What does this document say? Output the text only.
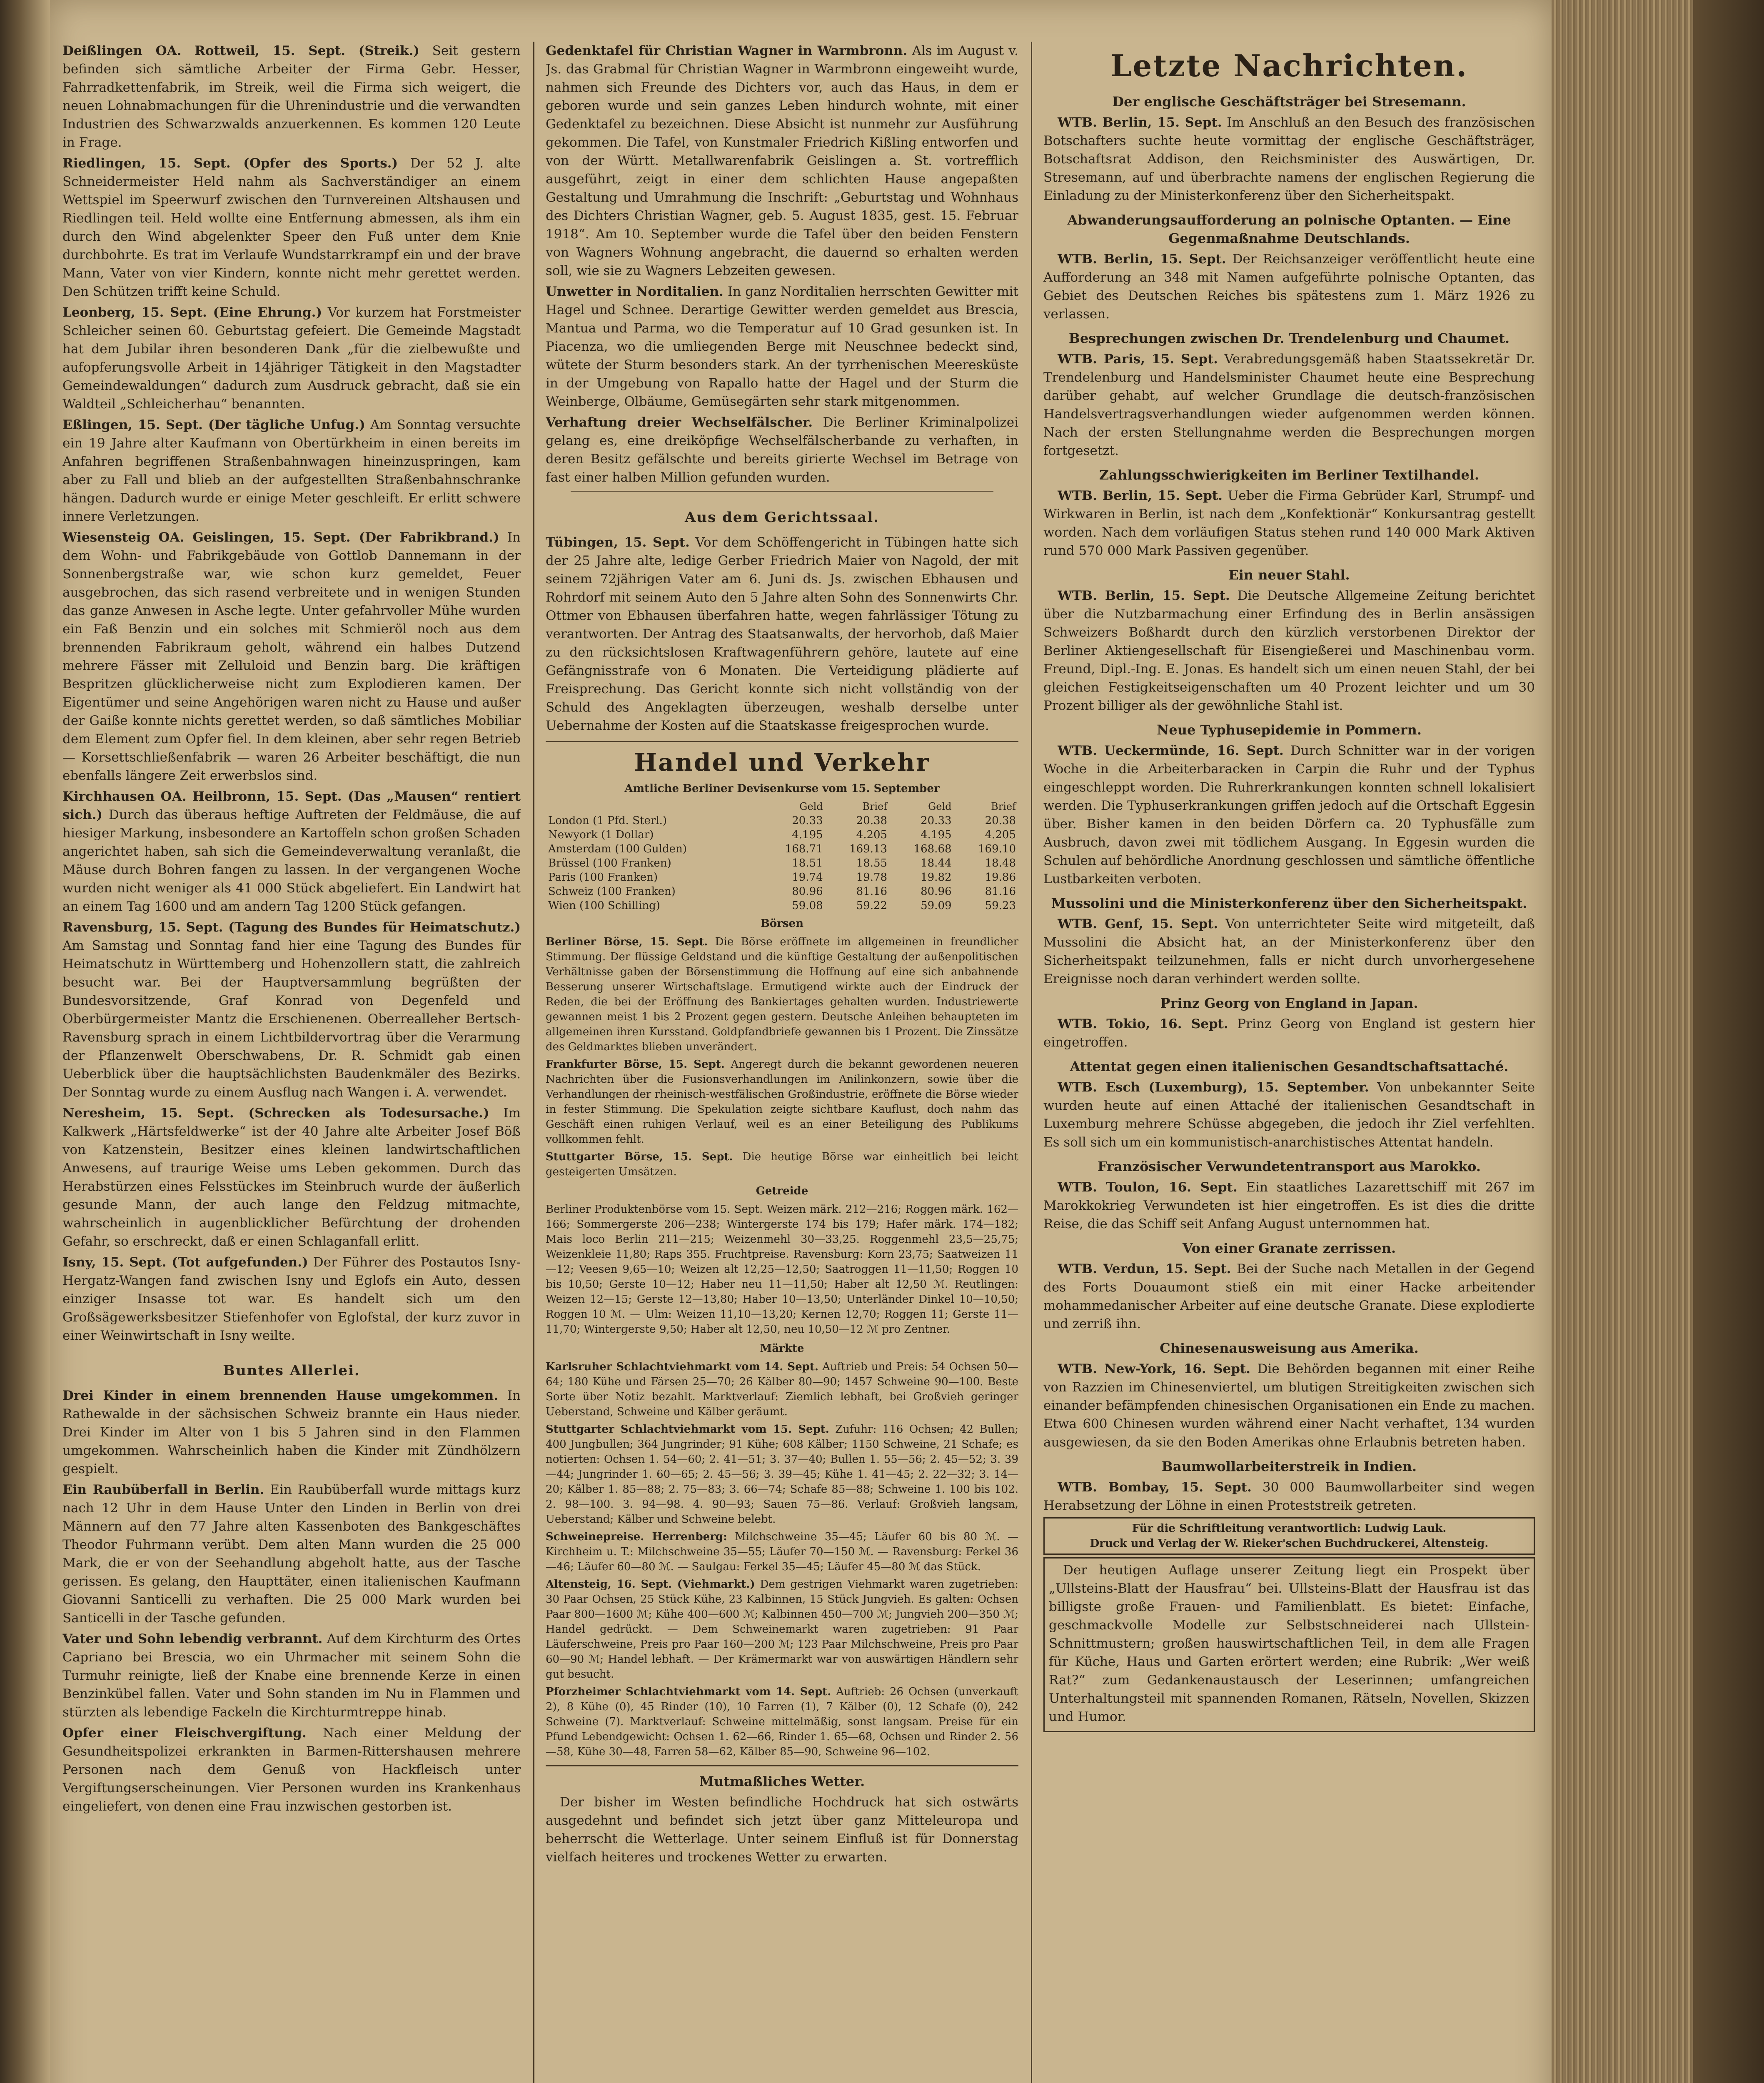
Deißlingen OA. Rottweil, 15. Sept. (Streik.) Seit gestern befinden sich sämtliche Arbeiter der Firma Gebr. Hesser, Fahrradkettenfabrik, im Streik, weil die Firma sich weigert, die neuen Lohnabmachungen für die Uhrenindustrie und die verwandten Industrien des Schwarzwalds anzuerkennen. Es kommen 120 Leute in Frage.

Riedlingen, 15. Sept. (Opfer des Sports.) Der 52 J. alte Schneidermeister Held nahm als Sachverständiger an einem Wettspiel im Speerwurf zwischen den Turnvereinen Altshausen und Riedlingen teil. Held wollte eine Entfernung abmessen, als ihm ein durch den Wind abgelenkter Speer den Fuß unter dem Knie durchbohrte. Es trat im Verlaufe Wundstarrkrampf ein und der brave Mann, Vater von vier Kindern, konnte nicht mehr gerettet werden. Den Schützen trifft keine Schuld.

Leonberg, 15. Sept. (Eine Ehrung.) Vor kurzem hat Forstmeister Schleicher seinen 60. Geburtstag gefeiert. Die Gemeinde Magstadt hat dem Jubilar ihren besonderen Dank „für die zielbewußte und aufopferungsvolle Arbeit in 14jähriger Tätigkeit in den Magstadter Gemeindewaldungen“ dadurch zum Ausdruck gebracht, daß sie ein Waldteil „Schleicherhau“ benannten.

Eßlingen, 15. Sept. (Der tägliche Unfug.) Am Sonntag versuchte ein 19 Jahre alter Kaufmann von Obertürkheim in einen bereits im Anfahren begriffenen Straßenbahnwagen hineinzuspringen, kam aber zu Fall und blieb an der aufgestellten Straßenbahnschranke hängen. Dadurch wurde er einige Meter geschleift. Er erlitt schwere innere Verletzungen.

Wiesensteig OA. Geislingen, 15. Sept. (Der Fabrikbrand.) In dem Wohn- und Fabrikgebäude von Gottlob Dannemann in der Sonnenbergstraße war, wie schon kurz gemeldet, Feuer ausgebrochen, das sich rasend verbreitete und in wenigen Stunden das ganze Anwesen in Asche legte. Unter gefahrvoller Mühe wurden ein Faß Benzin und ein solches mit Schmieröl noch aus dem brennenden Fabrikraum geholt, während ein halbes Dutzend mehrere Fässer mit Zelluloid und Benzin barg. Die kräftigen Bespritzen glücklicherweise nicht zum Explodieren kamen. Der Eigentümer und seine Angehörigen waren nicht zu Hause und außer der Gaiße konnte nichts gerettet werden, so daß sämtliches Mobiliar dem Element zum Opfer fiel. In dem kleinen, aber sehr regen Betrieb — Korsettschließenfabrik — waren 26 Arbeiter beschäftigt, die nun ebenfalls längere Zeit erwerbslos sind.

Kirchhausen OA. Heilbronn, 15. Sept. (Das „Mausen“ rentiert sich.) Durch das überaus heftige Auftreten der Feldmäuse, die auf hiesiger Markung, insbesondere an Kartoffeln schon großen Schaden angerichtet haben, sah sich die Gemeindeverwaltung veranlaßt, die Mäuse durch Bohren fangen zu lassen. In der vergangenen Woche wurden nicht weniger als 41 000 Stück abgeliefert. Ein Landwirt hat an einem Tag 1600 und am andern Tag 1200 Stück gefangen.

Ravensburg, 15. Sept. (Tagung des Bundes für Heimatschutz.) Am Samstag und Sonntag fand hier eine Tagung des Bundes für Heimatschutz in Württemberg und Hohenzollern statt, die zahlreich besucht war. Bei der Hauptversammlung begrüßten der Bundesvorsitzende, Graf Konrad von Degenfeld und Oberbürgermeister Mantz die Erschienenen. Oberrealleher Bertsch-Ravensburg sprach in einem Lichtbildervortrag über die Verarmung der Pflanzenwelt Oberschwabens, Dr. R. Schmidt gab einen Ueberblick über die hauptsächlichsten Baudenkmäler des Bezirks. Der Sonntag wurde zu einem Ausflug nach Wangen i. A. verwendet.

Neresheim, 15. Sept. (Schrecken als Todesursache.) Im Kalkwerk „Härtsfeldwerke“ ist der 40 Jahre alte Arbeiter Josef Böß von Katzenstein, Besitzer eines kleinen landwirtschaftlichen Anwesens, auf traurige Weise ums Leben gekommen. Durch das Herabstürzen eines Felsstückes im Steinbruch wurde der äußerlich gesunde Mann, der auch lange den Feldzug mitmachte, wahrscheinlich in augenblicklicher Befürchtung der drohenden Gefahr, so erschreckt, daß er einen Schlaganfall erlitt.

Isny, 15. Sept. (Tot aufgefunden.) Der Führer des Postautos Isny-Hergatz-Wangen fand zwischen Isny und Eglofs ein Auto, dessen einziger Insasse tot war. Es handelt sich um den Großsägewerksbesitzer Stiefenhofer von Eglofstal, der kurz zuvor in einer Weinwirtschaft in Isny weilte.

Buntes Allerlei.

Drei Kinder in einem brennenden Hause umgekommen. In Rathewalde in der sächsischen Schweiz brannte ein Haus nieder. Drei Kinder im Alter von 1 bis 5 Jahren sind in den Flammen umgekommen. Wahrscheinlich haben die Kinder mit Zündhölzern gespielt.

Ein Raubüberfall in Berlin. Ein Raubüberfall wurde mittags kurz nach 12 Uhr in dem Hause Unter den Linden in Berlin von drei Männern auf den 77 Jahre alten Kassenboten des Bankgeschäftes Theodor Fuhrmann verübt. Dem alten Mann wurden die 25 000 Mark, die er von der Seehandlung abgeholt hatte, aus der Tasche gerissen. Es gelang, den Haupttäter, einen italienischen Kaufmann Giovanni Santicelli zu verhaften. Die 25 000 Mark wurden bei Santicelli in der Tasche gefunden.

Vater und Sohn lebendig verbrannt. Auf dem Kirchturm des Ortes Capriano bei Brescia, wo ein Uhrmacher mit seinem Sohn die Turmuhr reinigte, ließ der Knabe eine brennende Kerze in einen Benzinkübel fallen. Vater und Sohn standen im Nu in Flammen und stürzten als lebendige Fackeln die Kirchturmtreppe hinab.

Opfer einer Fleischvergiftung. Nach einer Meldung der Gesundheitspolizei erkrankten in Barmen-Rittershausen mehrere Personen nach dem Genuß von Hackfleisch unter Vergiftungserscheinungen. Vier Personen wurden ins Krankenhaus eingeliefert, von denen eine Frau inzwischen gestorben ist.

Gedenktafel für Christian Wagner in Warmbronn. Als im August v. Js. das Grabmal für Christian Wagner in Warmbronn eingeweiht wurde, nahmen sich Freunde des Dichters vor, auch das Haus, in dem er geboren wurde und sein ganzes Leben hindurch wohnte, mit einer Gedenktafel zu bezeichnen. Diese Absicht ist nunmehr zur Ausführung gekommen. Die Tafel, von Kunstmaler Friedrich Kißling entworfen und von der Württ. Metallwarenfabrik Geislingen a. St. vortrefflich ausgeführt, zeigt in einer dem schlichten Hause angepaßten Gestaltung und Umrahmung die Inschrift: „Geburtstag und Wohnhaus des Dichters Christian Wagner, geb. 5. August 1835, gest. 15. Februar 1918“. Am 10. September wurde die Tafel über den beiden Fenstern von Wagners Wohnung angebracht, die dauernd so erhalten werden soll, wie sie zu Wagners Lebzeiten gewesen.

Unwetter in Norditalien. In ganz Norditalien herrschten Gewitter mit Hagel und Schnee. Derartige Gewitter werden gemeldet aus Brescia, Mantua und Parma, wo die Temperatur auf 10 Grad gesunken ist. In Piacenza, wo die umliegenden Berge mit Neuschnee bedeckt sind, wütete der Sturm besonders stark. An der tyrrhenischen Meeresküste in der Umgebung von Rapallo hatte der Hagel und der Sturm die Weinberge, Olbäume, Gemüsegärten sehr stark mitgenommen.

Verhaftung dreier Wechselfälscher. Die Berliner Kriminalpolizei gelang es, eine dreiköpfige Wechselfälscherbande zu verhaften, in deren Besitz gefälschte und bereits girierte Wechsel im Betrage von fast einer halben Million gefunden wurden.

Aus dem Gerichtssaal.

Tübingen, 15. Sept. Vor dem Schöffengericht in Tübingen hatte sich der 25 Jahre alte, ledige Gerber Friedrich Maier von Nagold, der mit seinem 72jährigen Vater am 6. Juni ds. Js. zwischen Ebhausen und Rohrdorf mit seinem Auto den 5 Jahre alten Sohn des Sonnenwirts Chr. Ottmer von Ebhausen überfahren hatte, wegen fahrlässiger Tötung zu verantworten. Der Antrag des Staatsanwalts, der hervorhob, daß Maier zu den rücksichtslosen Kraftwagenführern gehöre, lautete auf eine Gefängnisstrafe von 6 Monaten. Die Verteidigung plädierte auf Freisprechung. Das Gericht konnte sich nicht vollständig von der Schuld des Angeklagten überzeugen, weshalb derselbe unter Uebernahme der Kosten auf die Staatskasse freigesprochen wurde.

Handel und Verkehr
Amtliche Berliner Devisenkurse vom 15. September
	Geld	Brief	Geld	Brief
London (1 Pfd. Sterl.)	20.33	20.38	20.33	20.38
Newyork (1 Dollar)	4.195	4.205	4.195	4.205
Amsterdam (100 Gulden)	168.71	169.13	168.68	169.10
Brüssel (100 Franken)	18.51	18.55	18.44	18.48
Paris (100 Franken)	19.74	19.78	19.82	19.86
Schweiz (100 Franken)	80.96	81.16	80.96	81.16
Wien (100 Schilling)	59.08	59.22	59.09	59.23
Börsen

Berliner Börse, 15. Sept. Die Börse eröffnete im allgemeinen in freundlicher Stimmung. Der flüssige Geldstand und die künftige Gestaltung der außenpolitischen Verhältnisse gaben der Börsenstimmung die Hoffnung auf eine sich anbahnende Besserung unserer Wirtschaftslage. Ermutigend wirkte auch der Eindruck der Reden, die bei der Eröffnung des Bankiertages gehalten wurden. Industriewerte gewannen meist 1 bis 2 Prozent gegen gestern. Deutsche Anleihen behaupteten im allgemeinen ihren Kursstand. Goldpfandbriefe gewannen bis 1 Prozent. Die Zinssätze des Geldmarktes blieben unverändert.

Frankfurter Börse, 15. Sept. Angeregt durch die bekannt gewordenen neueren Nachrichten über die Fusionsverhandlungen im Anilinkonzern, sowie über die Verhandlungen der rheinisch-westfälischen Großindustrie, eröffnete die Börse wieder in fester Stimmung. Die Spekulation zeigte sichtbare Kauflust, doch nahm das Geschäft einen ruhigen Verlauf, weil es an einer Beteiligung des Publikums vollkommen fehlt.

Stuttgarter Börse, 15. Sept. Die heutige Börse war einheitlich bei leicht gesteigerten Umsätzen.

Getreide

Berliner Produktenbörse vom 15. Sept. Weizen märk. 212—216; Roggen märk. 162—166; Sommergerste 206—238; Wintergerste 174 bis 179; Hafer märk. 174—182; Mais loco Berlin 211—215; Weizenmehl 30—33,25. Roggenmehl 23,5—25,75; Weizenkleie 11,80; Raps 355. Fruchtpreise. Ravensburg: Korn 23,75; Saatweizen 11—12; Veesen 9,65—10; Weizen alt 12,25—12,50; Saatroggen 11—11,50; Roggen 10 bis 10,50; Gerste 10—12; Haber neu 11—11,50; Haber alt 12,50 ℳ. Reutlingen: Weizen 12—15; Gerste 12—13,80; Haber 10—13,50; Unterländer Dinkel 10—10,50; Roggen 10 ℳ. — Ulm: Weizen 11,10—13,20; Kernen 12,70; Roggen 11; Gerste 11—11,70; Wintergerste 9,50; Haber alt 12,50, neu 10,50—12 ℳ pro Zentner.

Märkte

Karlsruher Schlachtviehmarkt vom 14. Sept. Auftrieb und Preis: 54 Ochsen 50—64; 180 Kühe und Färsen 25—70; 26 Kälber 80—90; 1457 Schweine 90—100. Beste Sorte über Notiz bezahlt. Marktverlauf: Ziemlich lebhaft, bei Großvieh geringer Ueberstand, Schweine und Kälber geräumt.

Stuttgarter Schlachtviehmarkt vom 15. Sept. Zufuhr: 116 Ochsen; 42 Bullen; 400 Jungbullen; 364 Jungrinder; 91 Kühe; 608 Kälber; 1150 Schweine, 21 Schafe; es notierten: Ochsen 1. 54—60; 2. 41—51; 3. 37—40; Bullen 1. 55—56; 2. 45—52; 3. 39—44; Jungrinder 1. 60—65; 2. 45—56; 3. 39—45; Kühe 1. 41—45; 2. 22—32; 3. 14—20; Kälber 1. 85—88; 2. 75—83; 3. 66—74; Schafe 85—88; Schweine 1. 100 bis 102. 2. 98—100. 3. 94—98. 4. 90—93; Sauen 75—86. Verlauf: Großvieh langsam, Ueberstand; Kälber und Schweine belebt.

Schweinepreise. Herrenberg: Milchschweine 35—45; Läufer 60 bis 80 ℳ. — Kirchheim u. T.: Milchschweine 35—55; Läufer 70—150 ℳ. — Ravensburg: Ferkel 36—46; Läufer 60—80 ℳ. — Saulgau: Ferkel 35—45; Läufer 45—80 ℳ das Stück.

Altensteig, 16. Sept. (Viehmarkt.) Dem gestrigen Viehmarkt waren zugetrieben: 30 Paar Ochsen, 25 Stück Kühe, 23 Kalbinnen, 15 Stück Jungvieh. Es galten: Ochsen Paar 800—1600 ℳ; Kühe 400—600 ℳ; Kalbinnen 450—700 ℳ; Jungvieh 200—350 ℳ; Handel gedrückt. — Dem Schweinemarkt waren zugetrieben: 91 Paar Läuferschweine, Preis pro Paar 160—200 ℳ; 123 Paar Milchschweine, Preis pro Paar 60—90 ℳ; Handel lebhaft. — Der Krämermarkt war von auswärtigen Händlern sehr gut besucht.

Pforzheimer Schlachtviehmarkt vom 14. Sept. Auftrieb: 26 Ochsen (unverkauft 2), 8 Kühe (0), 45 Rinder (10), 10 Farren (1), 7 Kälber (0), 12 Schafe (0), 242 Schweine (7). Marktverlauf: Schweine mittelmäßig, sonst langsam. Preise für ein Pfund Lebendgewicht: Ochsen 1. 62—66, Rinder 1. 65—68, Ochsen und Rinder 2. 56—58, Kühe 30—48, Farren 58—62, Kälber 85—90, Schweine 96—102.

Mutmaßliches Wetter.

Der bisher im Westen befindliche Hochdruck hat sich ostwärts ausgedehnt und befindet sich jetzt über ganz Mitteleuropa und beherrscht die Wetterlage. Unter seinem Einfluß ist für Donnerstag vielfach heiteres und trockenes Wetter zu erwarten.

Letzte Nachrichten.
Der englische Geschäftsträger bei Stresemann.

WTB. Berlin, 15. Sept. Im Anschluß an den Besuch des französischen Botschafters suchte heute vormittag der englische Geschäftsträger, Botschaftsrat Addison, den Reichsminister des Auswärtigen, Dr. Stresemann, auf und überbrachte namens der englischen Regierung die Einladung zu der Ministerkonferenz über den Sicherheitspakt.

Abwanderungsaufforderung an polnische Optanten. — Eine Gegenmaßnahme Deutschlands.

WTB. Berlin, 15. Sept. Der Reichsanzeiger veröffentlicht heute eine Aufforderung an 348 mit Namen aufgeführte polnische Optanten, das Gebiet des Deutschen Reiches bis spätestens zum 1. März 1926 zu verlassen.

Besprechungen zwischen Dr. Trendelenburg und Chaumet.

WTB. Paris, 15. Sept. Verabredungsgemäß haben Staatssekretär Dr. Trendelenburg und Handelsminister Chaumet heute eine Besprechung darüber gehabt, auf welcher Grundlage die deutsch-französischen Handelsvertragsverhandlungen wieder aufgenommen werden können. Nach der ersten Stellungnahme werden die Besprechungen morgen fortgesetzt.

Zahlungsschwierigkeiten im Berliner Textilhandel.

WTB. Berlin, 15. Sept. Ueber die Firma Gebrüder Karl, Strumpf- und Wirkwaren in Berlin, ist nach dem „Konfektionär“ Konkursantrag gestellt worden. Nach dem vorläufigen Status stehen rund 140 000 Mark Aktiven rund 570 000 Mark Passiven gegenüber.

Ein neuer Stahl.

WTB. Berlin, 15. Sept. Die Deutsche Allgemeine Zeitung berichtet über die Nutzbarmachung einer Erfindung des in Berlin ansässigen Schweizers Boßhardt durch den kürzlich verstorbenen Direktor der Berliner Aktiengesellschaft für Eisengießerei und Maschinenbau vorm. Freund, Dipl.-Ing. E. Jonas. Es handelt sich um einen neuen Stahl, der bei gleichen Festigkeitseigenschaften um 40 Prozent leichter und um 30 Prozent billiger als der gewöhnliche Stahl ist.

Neue Typhusepidemie in Pommern.

WTB. Ueckermünde, 16. Sept. Durch Schnitter war in der vorigen Woche in die Arbeiterbaracken in Carpin die Ruhr und der Typhus eingeschleppt worden. Die Ruhrerkrankungen konnten schnell lokalisiert werden. Die Typhuserkrankungen griffen jedoch auf die Ortschaft Eggesin über. Bisher kamen in den beiden Dörfern ca. 20 Typhusfälle zum Ausbruch, davon zwei mit tödlichem Ausgang. In Eggesin wurden die Schulen auf behördliche Anordnung geschlossen und sämtliche öffentliche Lustbarkeiten verboten.

Mussolini und die Ministerkonferenz über den Sicherheitspakt.

WTB. Genf, 15. Sept. Von unterrichteter Seite wird mitgeteilt, daß Mussolini die Absicht hat, an der Ministerkonferenz über den Sicherheitspakt teilzunehmen, falls er nicht durch unvorhergesehene Ereignisse noch daran verhindert werden sollte.

Prinz Georg von England in Japan.

WTB. Tokio, 16. Sept. Prinz Georg von England ist gestern hier eingetroffen.

Attentat gegen einen italienischen Gesandtschaftsattaché.

WTB. Esch (Luxemburg), 15. September. Von unbekannter Seite wurden heute auf einen Attaché der italienischen Gesandtschaft in Luxemburg mehrere Schüsse abgegeben, die jedoch ihr Ziel verfehlten. Es soll sich um ein kommunistisch-anarchistisches Attentat handeln.

Französischer Verwundetentransport aus Marokko.

WTB. Toulon, 16. Sept. Ein staatliches Lazarettschiff mit 267 im Marokkokrieg Verwundeten ist hier eingetroffen. Es ist dies die dritte Reise, die das Schiff seit Anfang August unternommen hat.

Von einer Granate zerrissen.

WTB. Verdun, 15. Sept. Bei der Suche nach Metallen in der Gegend des Forts Douaumont stieß ein mit einer Hacke arbeitender mohammedanischer Arbeiter auf eine deutsche Granate. Diese explodierte und zerriß ihn.

Chinesenausweisung aus Amerika.

WTB. New-York, 16. Sept. Die Behörden begannen mit einer Reihe von Razzien im Chinesenviertel, um blutigen Streitigkeiten zwischen sich einander befämpfenden chinesischen Organisationen ein Ende zu machen. Etwa 600 Chinesen wurden während einer Nacht verhaftet, 134 wurden ausgewiesen, da sie den Boden Amerikas ohne Erlaubnis betreten haben.

Baumwollarbeiterstreik in Indien.

WTB. Bombay, 15. Sept. 30 000 Baumwollarbeiter sind wegen Herabsetzung der Löhne in einen Proteststreik getreten.

Für die Schriftleitung verantwortlich: Ludwig Lauk.
Druck und Verlag der W. Rieker'schen Buchdruckerei, Altensteig.

Der heutigen Auflage unserer Zeitung liegt ein Prospekt über „Ullsteins-Blatt der Hausfrau“ bei. Ullsteins-Blatt der Hausfrau ist das billigste große Frauen- und Familienblatt. Es bietet: Einfache, geschmackvolle Modelle zur Selbstschneiderei nach Ullstein-Schnittmustern; großen hauswirtschaftlichen Teil, in dem alle Fragen für Küche, Haus und Garten erörtert werden; eine Rubrik: „Wer weiß Rat?“ zum Gedankenaustausch der Leserinnen; umfangreichen Unterhaltungsteil mit spannenden Romanen, Rätseln, Novellen, Skizzen und Humor.
